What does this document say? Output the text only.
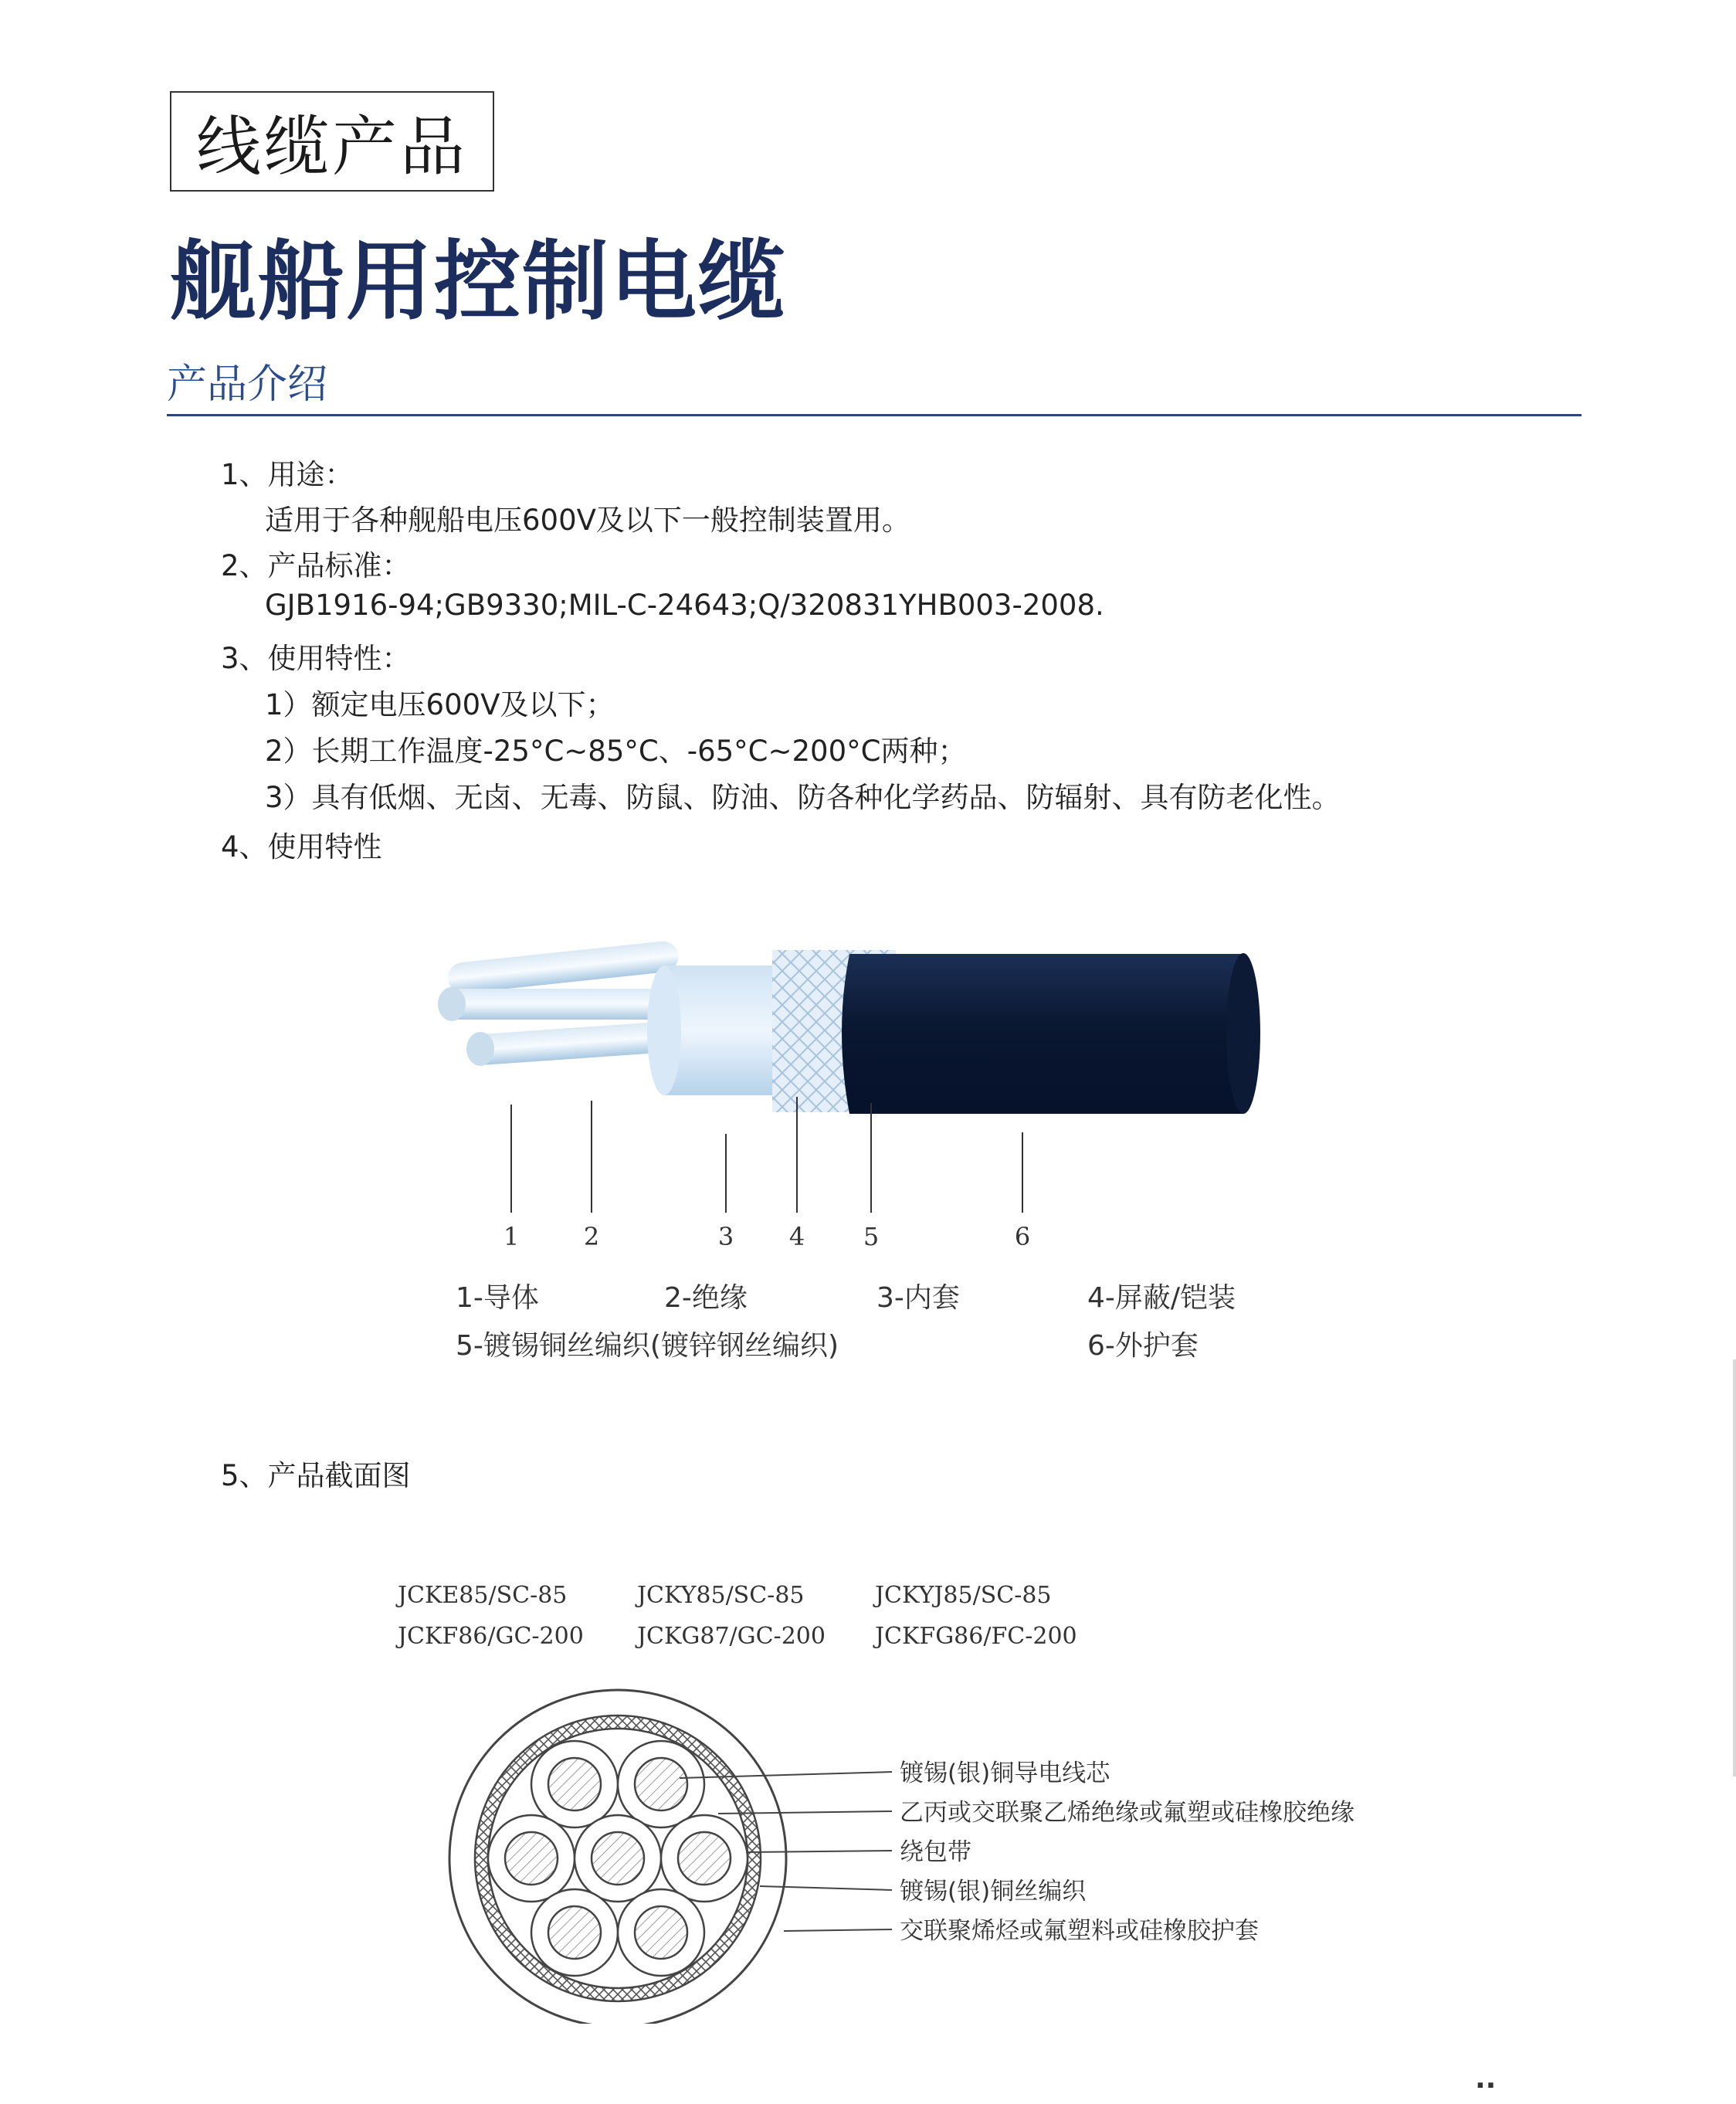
线缆产品
舰船用控制电缆
产品介绍
1、用途：
适用于各种舰船电压600V及以下一般控制装置用。
2、产品标准：
GJB1916-94;GB9330;MIL-C-24643;Q/320831YHB003-2008.
3、使用特性：
1）额定电压600V及以下；
2）长期工作温度-25°C~85°C、-65°C~200°C两种；
3）具有低烟、无卤、无毒、防鼠、防油、防各种化学药品、防辐射、具有防老化性。
4、使用特性
1	2	3 4 5	6
1-导体	2-绝缘	3-内套	4-屏蔽/铠装
5-镀锡铜丝编织(镀锌钢丝编织)	6-外护套
5、产品截面图
JCKE85/SC-85	JCKY85/SC-85	JCKYJ85/SC-85
JCKF86/GC-200 JCKG87/GC-200 JCKFG86/FC-200
镀锡(银)铜导电线芯
乙丙或交联聚乙烯绝缘或氟塑或硅橡胶绝缘
绕包带
镀锡(银)铜丝编织
交联聚烯烃或氟塑料或硅橡胶护套
··
